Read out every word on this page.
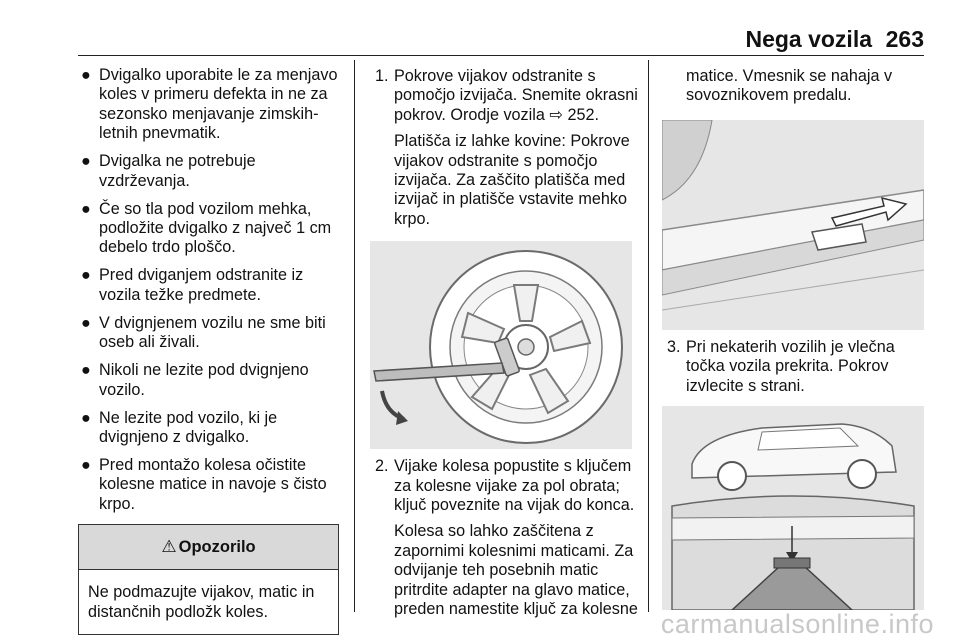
Nega vozila 263
● Dvigalko uporabite le za menjavo koles v primeru defekta in ne za sezonsko menjavanje zimskih-letnih pnevmatik.
● Dvigalka ne potrebuje vzdrževanja.
● Če so tla pod vozilom mehka, podložite dvigalko z največ 1 cm debelo trdo ploščo.
● Pred dviganjem odstranite iz vozila težke predmete.
● V dvignjenem vozilu ne sme biti oseb ali živali.
● Nikoli ne lezite pod dvignjeno vozilo.
● Ne lezite pod vozilo, ki je dvignjeno z dvigalko.
● Pred montažo kolesa očistite kolesne matice in navoje s čisto krpo.
⚠ Opozorilo
Ne podmazujte vijakov, matic in distančnih podložk koles.
1. Pokrove vijakov odstranite s pomočjo izvijača. Snemite okrasni pokrov. Orodje vozila ⇨ 252.
Platišča iz lahke kovine: Pokrove vijakov odstranite s pomočjo izvijača. Za zaščito platišča med izvijač in platišče vstavite mehko krpo.
2. Vijake kolesa popustite s ključem za kolesne vijake za pol obrata; ključ poveznite na vijak do konca.
Kolesa so lahko zaščitena z zapornimi kolesnimi maticami. Za odvijanje teh posebnih matic pritrdite adapter na glavo matice, preden namestite ključ za kolesne
matice. Vmesnik se nahaja v sovoznikovem predalu.
3. Pri nekaterih vozilih je vlečna točka vozila prekrita. Pokrov izvlecite s strani.
carmanualsonline.info
